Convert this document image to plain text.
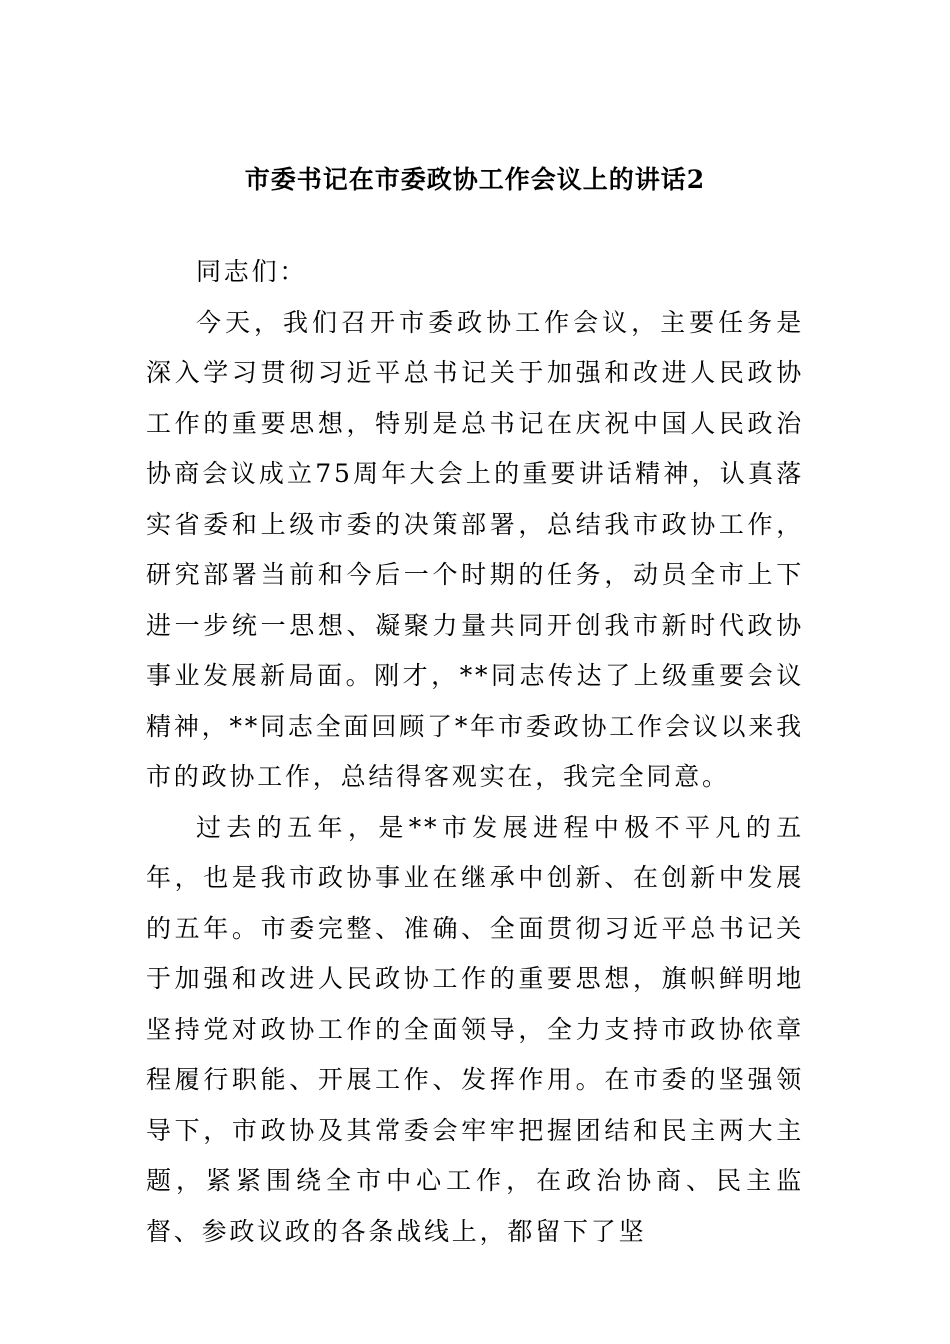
市委书记在市委政协工作会议上的讲话2

同志们：

今天，我们召开市委政协工作会议，主要任务是深入学习贯彻习近平总书记关于加强和改进人民政协工作的重要思想，特别是总书记在庆祝中国人民政治协商会议成立75周年大会上的重要讲话精神，认真落实省委和上级市委的决策部署，总结我市政协工作，研究部署当前和今后一个时期的任务，动员全市上下进一步统一思想、凝聚力量共同开创我市新时代政协事业发展新局面。刚才，**同志传达了上级重要会议精神，**同志全面回顾了*年市委政协工作会议以来我市的政协工作，总结得客观实在，我完全同意。

过去的五年，是**市发展进程中极不平凡的五年，也是我市政协事业在继承中创新、在创新中发展的五年。市委完整、准确、全面贯彻习近平总书记关于加强和改进人民政协工作的重要思想，旗帜鲜明地坚持党对政协工作的全面领导，全力支持市政协依章程履行职能、开展工作、发挥作用。在市委的坚强领导下，市政协及其常委会牢牢把握团结和民主两大主题，紧紧围绕全市中心工作，在政治协商、民主监督、参政议政的各条战线上，都留下了坚
